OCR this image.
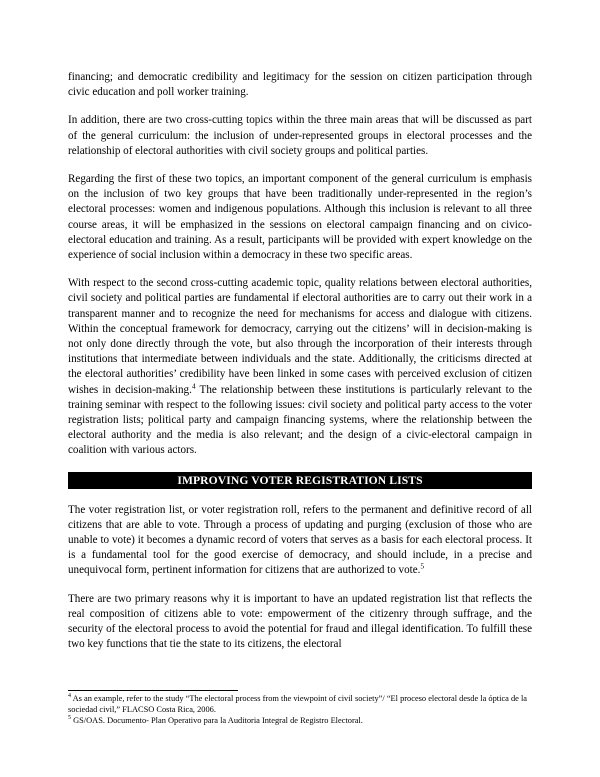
financing; and democratic credibility and legitimacy for the session on citizen participation through civic education and poll worker training.

In addition, there are two cross-cutting topics within the three main areas that will be discussed as part of the general curriculum: the inclusion of under-represented groups in electoral processes and the relationship of electoral authorities with civil society groups and political parties.

Regarding the first of these two topics, an important component of the general curriculum is emphasis on the inclusion of two key groups that have been traditionally under-represented in the region’s electoral processes: women and indigenous populations. Although this inclusion is relevant to all three course areas, it will be emphasized in the sessions on electoral campaign financing and on civico-electoral education and training. As a result, participants will be provided with expert knowledge on the experience of social inclusion within a democracy in these two specific areas.

With respect to the second cross-cutting academic topic, quality relations between electoral authorities, civil society and political parties are fundamental if electoral authorities are to carry out their work in a transparent manner and to recognize the need for mechanisms for access and dialogue with citizens. Within the conceptual framework for democracy, carrying out the citizens’ will in decision-making is not only done directly through the vote, but also through the incorporation of their interests through institutions that intermediate between individuals and the state. Additionally, the criticisms directed at the electoral authorities’ credibility have been linked in some cases with perceived exclusion of citizen wishes in decision-making.$^4$ The relationship between these institutions is particularly relevant to the training seminar with respect to the following issues: civil society and political party access to the voter registration lists; political party and campaign financing systems, where the relationship between the electoral authority and the media is also relevant; and the design of a civic-electoral campaign in coalition with various actors.

IMPROVING VOTER REGISTRATION LISTS

The voter registration list, or voter registration roll, refers to the permanent and definitive record of all citizens that are able to vote. Through a process of updating and purging (exclusion of those who are unable to vote) it becomes a dynamic record of voters that serves as a basis for each electoral process. It is a fundamental tool for the good exercise of democracy, and should include, in a precise and unequivocal form, pertinent information for citizens that are authorized to vote.$^5$

There are two primary reasons why it is important to have an updated registration list that reflects the real composition of citizens able to vote: empowerment of the citizenry through suffrage, and the security of the electoral process to avoid the potential for fraud and illegal identification. To fulfill these two key functions that tie the state to its citizens, the electoral

$^4$ As an example, refer to the study “The electoral process from the viewpoint of civil society”/ “El proceso electoral desde la óptica de la sociedad civil,” FLACSO Costa Rica, 2006.

$^5$ GS/OAS. Documento- Plan Operativo para la Auditoria Integral de Registro Electoral.
